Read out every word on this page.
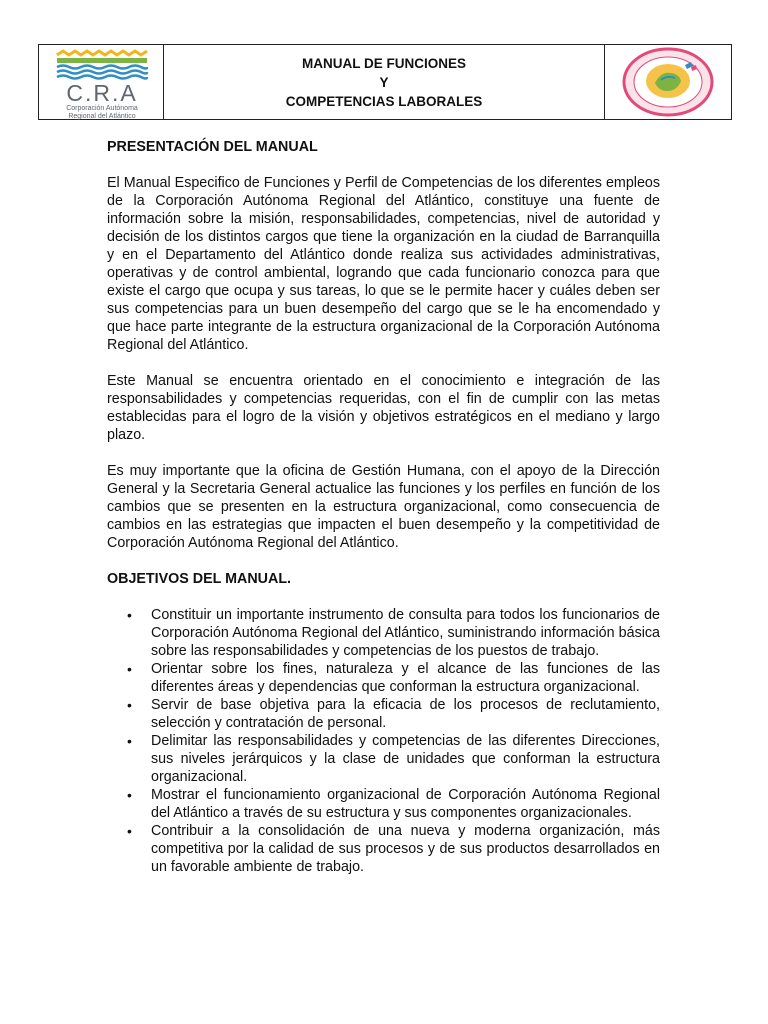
C.R.A
Corporación Autónoma
Regional del Atlántico
MANUAL DE FUNCIONES
Y
COMPETENCIAS LABORALES

PRESENTACIÓN DEL MANUAL

El Manual Especifico de Funciones y Perfil de Competencias de los diferentes empleos de la Corporación Autónoma Regional del Atlántico, constituye una fuente de información sobre la misión, responsabilidades, competencias, nivel de autoridad y decisión de los distintos cargos que tiene la organización en la ciudad de Barranquilla y en el Departamento del Atlántico donde realiza sus actividades administrativas, operativas y de control ambiental, logrando que cada funcionario conozca para que existe el cargo que ocupa y sus tareas, lo que se le permite hacer y cuáles deben ser sus competencias para un buen desempeño del cargo que se le ha encomendado y que hace parte integrante de la estructura organizacional de la Corporación Autónoma Regional del Atlántico.

Este Manual se encuentra orientado en el conocimiento e integración de las responsabilidades y competencias requeridas, con el fin de cumplir con las metas establecidas para el logro de la visión y objetivos estratégicos en el mediano y largo plazo.

Es muy importante que la oficina de Gestión Humana, con el apoyo de la Dirección General y la Secretaria General actualice las funciones y los perfiles en función de los cambios que se presenten en la estructura organizacional, como consecuencia de cambios en las estrategias que impacten el buen desempeño y la competitividad de Corporación Autónoma Regional del Atlántico.

OBJETIVOS DEL MANUAL.

• Constituir un importante instrumento de consulta para todos los funcionarios de Corporación Autónoma Regional del Atlántico, suministrando información básica sobre las responsabilidades y competencias de los puestos de trabajo.
• Orientar sobre los fines, naturaleza y el alcance de las funciones de las diferentes áreas y dependencias que conforman la estructura organizacional.
• Servir de base objetiva para la eficacia de los procesos de reclutamiento, selección y contratación de personal.
• Delimitar las responsabilidades y competencias de las diferentes Direcciones, sus niveles jerárquicos y la clase de unidades que conforman la estructura organizacional.
• Mostrar el funcionamiento organizacional de Corporación Autónoma Regional del Atlántico a través de su estructura y sus componentes organizacionales.
• Contribuir a la consolidación de una nueva y moderna organización, más competitiva por la calidad de sus procesos y de sus productos desarrollados en un favorable ambiente de trabajo.
